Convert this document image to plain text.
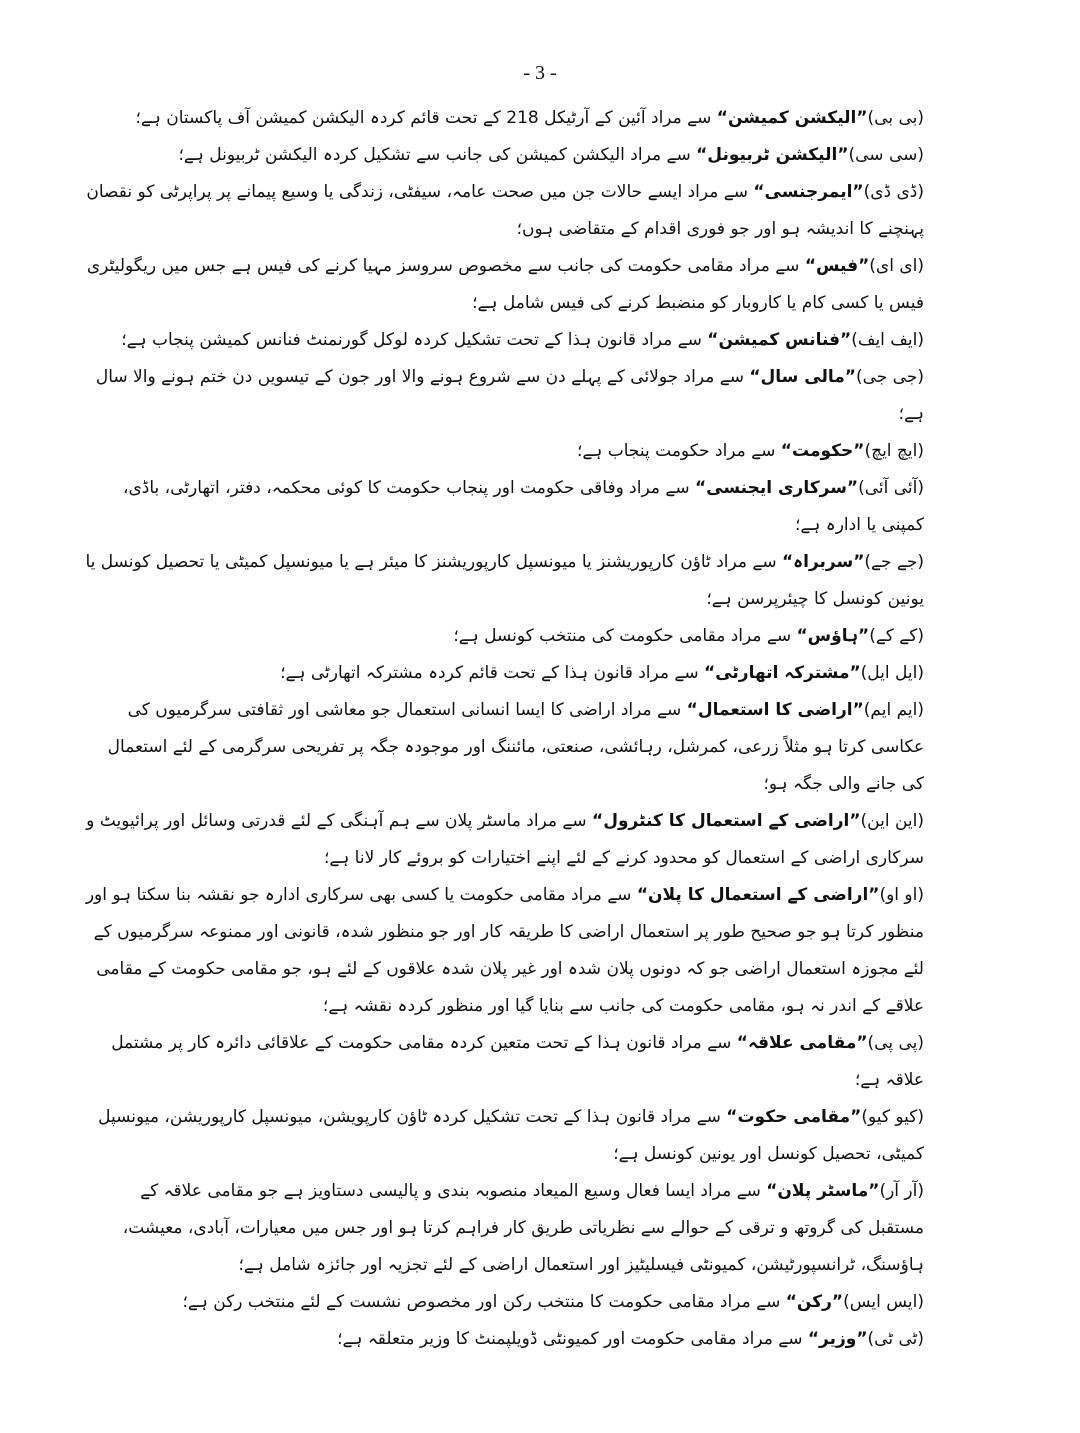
- 3 -

(بی بی)”الیکشن کمیشن“ سے مراد آئین کے آرٹیکل 218 کے تحت قائم کردہ الیکشن کمیشن آف پاکستان ہے؛

(سی سی)”الیکشن ٹربیونل“ سے مراد الیکشن کمیشن کی جانب سے تشکیل کردہ الیکشن ٹربیونل ہے؛

(ڈی ڈی)”ایمرجنسی“ سے مراد ایسے حالات جن میں صحت عامہ، سیفٹی، زندگی یا وسیع پیمانے پر پراپرٹی کو نقصان پہنچنے کا اندیشہ ہو اور جو فوری اقدام کے متقاضی ہوں؛

(ای ای)”فیس“ سے مراد مقامی حکومت کی جانب سے مخصوص سروسز مہیا کرنے کی فیس ہے جس میں ریگولیٹری فیس یا کسی کام یا کاروبار کو منضبط کرنے کی فیس شامل ہے؛

(ایف ایف)”فنانس کمیشن“ سے مراد قانون ہذا کے تحت تشکیل کردہ لوکل گورنمنٹ فنانس کمیشن پنجاب ہے؛

(جی جی)”مالی سال“ سے مراد جولائی کے پہلے دن سے شروع ہونے والا اور جون کے تیسویں دن ختم ہونے والا سال ہے؛

(ایچ ایچ)”حکومت“ سے مراد حکومت پنجاب ہے؛

(آئی آئی)”سرکاری ایجنسی“ سے مراد وفاقی حکومت اور پنجاب حکومت کا کوئی محکمہ، دفتر، اتھارٹی، باڈی، کمپنی یا ادارہ ہے؛

(جے جے)”سربراہ“ سے مراد ٹاؤن کارپوریشنز یا میونسپل کارپوریشنز کا میئر ہے یا میونسپل کمیٹی یا تحصیل کونسل یا یونین کونسل کا چیئرپرسن ہے؛

(کے کے)”ہاؤس“ سے مراد مقامی حکومت کی منتخب کونسل ہے؛

(ایل ایل)”مشترکہ اتھارٹی“ سے مراد قانون ہذا کے تحت قائم کردہ مشترکہ اتھارٹی ہے؛

(ایم ایم)”اراضی کا استعمال“ سے مراد اراضی کا ایسا انسانی استعمال جو معاشی اور ثقافتی سرگرمیوں کی عکاسی کرتا ہو مثلاً زرعی، کمرشل، رہائشی، صنعتی، مائننگ اور موجودہ جگہ پر تفریحی سرگرمی کے لئے استعمال کی جانے والی جگہ ہو؛

(این این)”اراضی کے استعمال کا کنٹرول“ سے مراد ماسٹر پلان سے ہم آہنگی کے لئے قدرتی وسائل اور پرائیویٹ و سرکاری اراضی کے استعمال کو محدود کرنے کے لئے اپنے اختیارات کو بروئے کار لانا ہے؛

(او او)”اراضی کے استعمال کا پلان“ سے مراد مقامی حکومت یا کسی بھی سرکاری ادارہ جو نقشہ بنا سکتا ہو اور منظور کرتا ہو جو صحیح طور پر استعمال اراضی کا طریقہ کار اور جو منظور شدہ، قانونی اور ممنوعہ سرگرمیوں کے لئے مجوزہ استعمال اراضی جو کہ دونوں پلان شدہ اور غیر پلان شدہ علاقوں کے لئے ہو، جو مقامی حکومت کے مقامی علاقے کے اندر نہ ہو، مقامی حکومت کی جانب سے بنایا گیا اور منظور کردہ نقشہ ہے؛

(پی پی)”مقامی علاقہ“ سے مراد قانون ہذا کے تحت متعین کردہ مقامی حکومت کے علاقائی دائرہ کار پر مشتمل علاقہ ہے؛

(کیو کیو)”مقامی حکوت“ سے مراد قانون ہذا کے تحت تشکیل کردہ ٹاؤن کارپویشن، میونسپل کارپوریشن، میونسپل کمیٹی، تحصیل کونسل اور یونین کونسل ہے؛

(آر آر)”ماسٹر پلان“ سے مراد ایسا فعال وسیع المیعاد منصوبہ بندی و پالیسی دستاویز ہے جو مقامی علاقہ کے مستقبل کی گروتھ و ترقی کے حوالے سے نظریاتی طریق کار فراہم کرتا ہو اور جس میں معیارات، آبادی، معیشت، ہاؤسنگ، ٹرانسپورٹیشن، کمیونٹی فیسلیٹیز اور استعمال اراضی کے لئے تجزیہ اور جائزہ شامل ہے؛

(ایس ایس)”رکن“ سے مراد مقامی حکومت کا منتخب رکن اور مخصوص نشست کے لئے منتخب رکن ہے؛

(ٹی ٹی)”وزیر“ سے مراد مقامی حکومت اور کمیونٹی ڈویلپمنٹ کا وزیر متعلقہ ہے؛
